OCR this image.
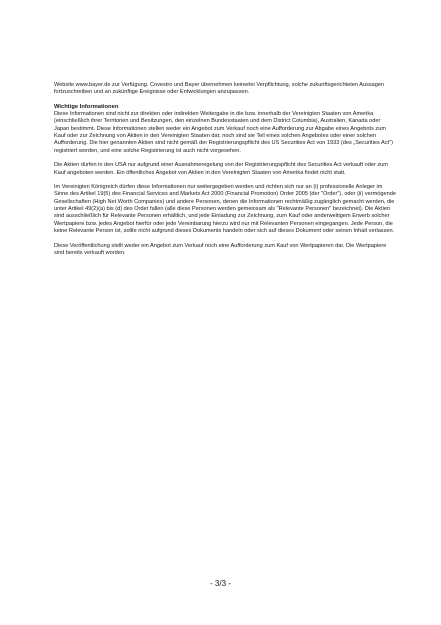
Website www.bayer.de zur Verfügung. Covestro und Bayer übernehmen keinerlei Verpflichtung, solche zukunftsgerichteten Aussagen fortzuschreiben und an zukünftige Ereignisse oder Entwicklungen anzupassen.

Wichtige Informationen

Diese Informationen sind nicht zur direkten oder indirekten Weitergabe in die bzw. innerhalb der Vereinigten Staaten von Amerika (einschließlich ihrer Territorien und Besitzungen, den einzelnen Bundesstaaten und dem District Columbia), Australien, Kanada oder Japan bestimmt. Diese Informationen stellen weder ein Angebot zum Verkauf noch eine Aufforderung zur Abgabe eines Angebots zum Kauf oder zur Zeichnung von Aktien in den Vereinigten Staaten dar, noch sind sie Teil eines solchen Angebotes oder einer solchen Aufforderung. Die hier genannten Aktien sind nicht gemäß der Registrierungspflicht des US Securities Act von 1933 (des „Securities Act") registriert worden, und eine solche Registrierung ist auch nicht vorgesehen.

Die Aktien dürfen in den USA nur aufgrund einer Ausnahmeregelung von der Registrierungspflicht des Securities Act verkauft oder zum Kauf angeboten werden. Ein öffentliches Angebot von Aktien in den Vereinigten Staaten von Amerika findet nicht statt.

Im Vereinigten Königreich dürfen diese Informationen nur weitergegeben werden und richten sich nur an (i) professionelle Anleger im Sinne des Artikel 19(5) des Financial Services and Markets Act 2000 (Financial Promotion) Order 2005 (der "Order"), oder (ii) vermögende Gesellschaften (High Net Worth Companies) und andere Personen, denen die Informationen rechtmäßig zugänglich gemacht werden, die unter Artikel 49(2)(a) bis (d) des Order fallen (alle diese Personen werden gemeinsam als "Relevante Personen" bezeichnet). Die Aktien sind ausschließlich für Relevante Personen erhältlich, und jede Einladung zur Zeichnung, zum Kauf oder anderweitigem Erwerb solcher Wertpapiere bzw. jedes Angebot hierfür oder jede Vereinbarung hierzu wird nur mit Relevanten Personen eingegangen. Jede Person, die keine Relevante Person ist, sollte nicht aufgrund dieses Dokuments handeln oder sich auf dieses Dokument oder seinen Inhalt verlassen.

Diese Veröffentlichung stellt weder ein Angebot zum Verkauf noch eine Aufforderung zum Kauf von Wertpapieren dar. Die Wertpapiere sind bereits verkauft worden.

- 3/3 -
